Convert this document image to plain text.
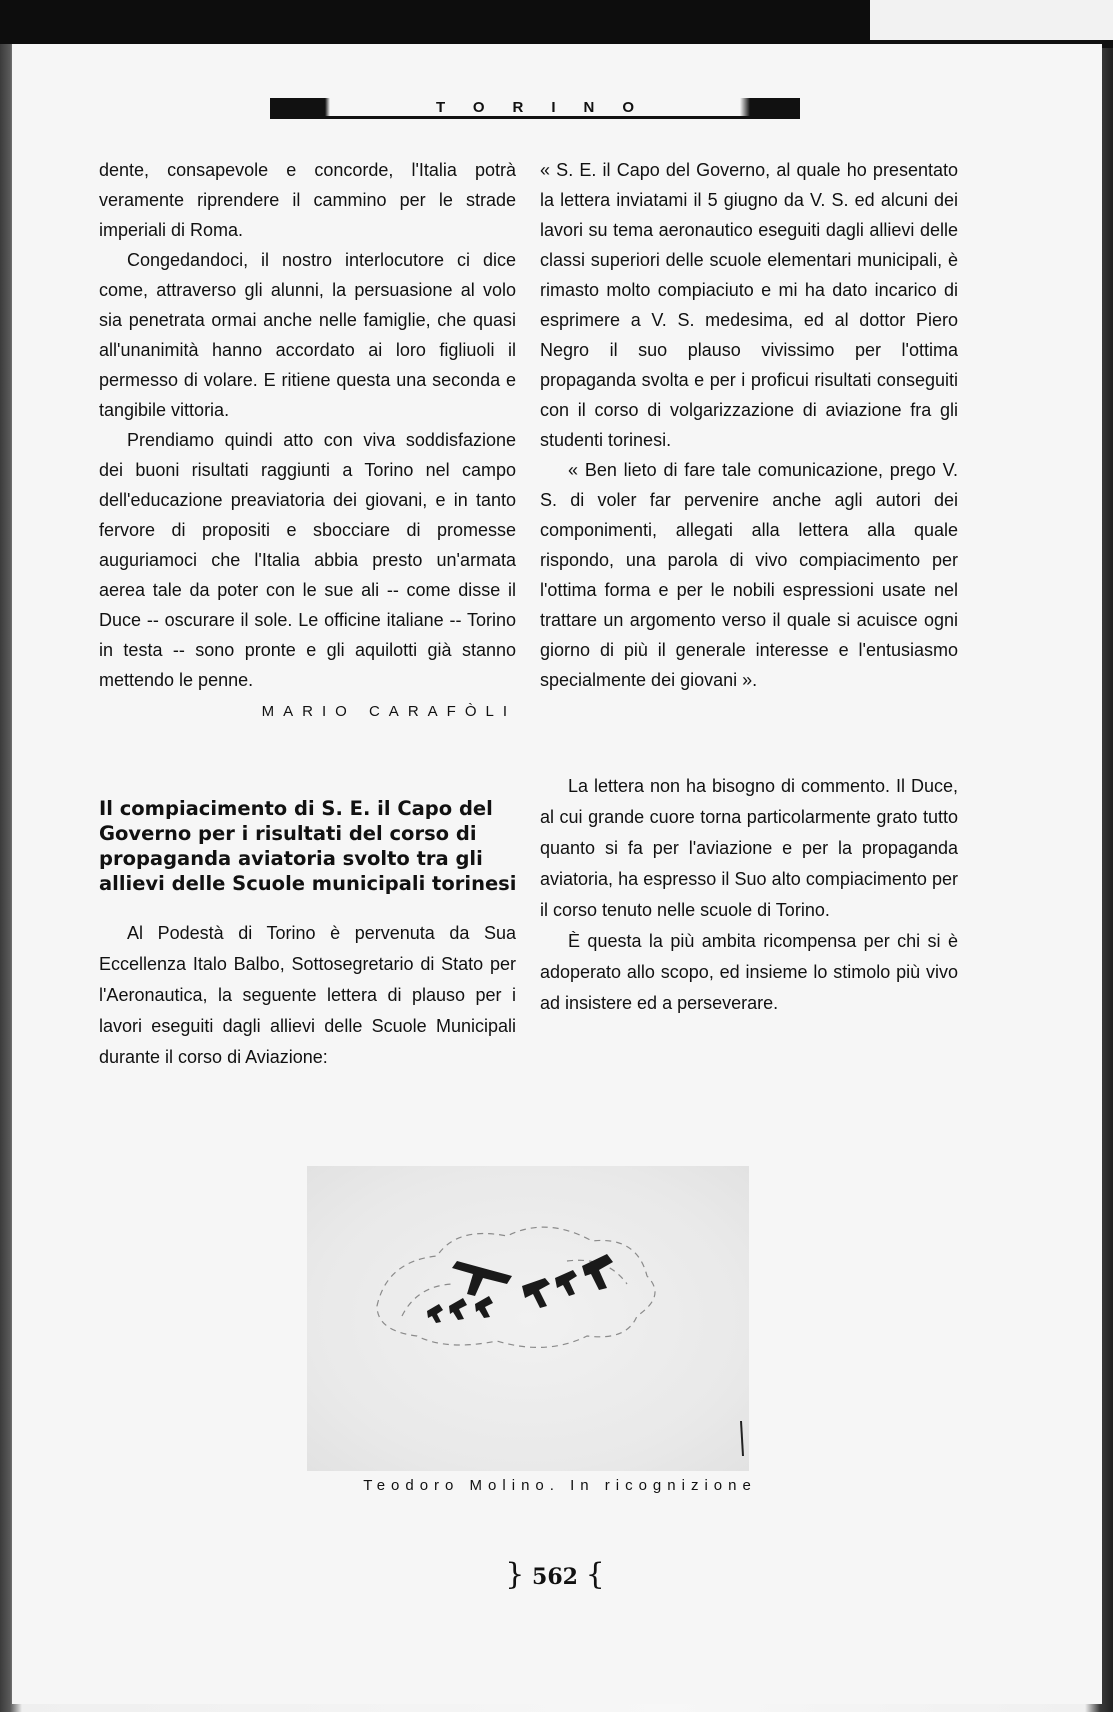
TORINO

dente, consapevole e concorde, l'Italia potrà veramente riprendere il cammino per le strade imperiali di Roma.

Congedandoci, il nostro interlocutore ci dice come, attraverso gli alunni, la persuasione al volo sia penetrata ormai anche nelle famiglie, che quasi all'unanimità hanno accordato ai loro figliuoli il permesso di volare. E ritiene questa una seconda e tangibile vittoria.

Prendiamo quindi atto con viva soddisfazione dei buoni risultati raggiunti a Torino nel campo dell'educazione preaviatoria dei giovani, e in tanto fervore di propositi e sbocciare di promesse auguriamoci che l'Italia abbia presto un'armata aerea tale da poter con le sue ali -- come disse il Duce -- oscurare il sole. Le officine italiane -- Torino in testa -- sono pronte e gli aquilotti già stanno mettendo le penne.

MARIO CARAFÒLI

« S. E. il Capo del Governo, al quale ho presentato la lettera inviatami il 5 giugno da V. S. ed alcuni dei lavori su tema aeronautico eseguiti dagli allievi delle classi superiori delle scuole elementari municipali, è rimasto molto compiaciuto e mi ha dato incarico di esprimere a V. S. medesima, ed al dottor Piero Negro il suo plauso vivissimo per l'ottima propaganda svolta e per i proficui risultati conseguiti con il corso di volgarizzazione di aviazione fra gli studenti torinesi.

« Ben lieto di fare tale comunicazione, prego V. S. di voler far pervenire anche agli autori dei componimenti, allegati alla lettera alla quale rispondo, una parola di vivo compiacimento per l'ottima forma e per le nobili espressioni usate nel trattare un argomento verso il quale si acuisce ogni giorno di più il generale interesse e l'entusiasmo specialmente dei giovani ».

Il compiacimento di S. E. il Capo del Governo per i risultati del corso di propaganda aviatoria svolto tra gli allievi delle Scuole municipali torinesi

Al Podestà di Torino è pervenuta da Sua Eccellenza Italo Balbo, Sottosegretario di Stato per l'Aeronautica, la seguente lettera di plauso per i lavori eseguiti dagli allievi delle Scuole Municipali durante il corso di Aviazione:

La lettera non ha bisogno di commento. Il Duce, al cui grande cuore torna particolarmente grato tutto quanto si fa per l'aviazione e per la propaganda aviatoria, ha espresso il Suo alto compiacimento per il corso tenuto nelle scuole di Torino.

È questa la più ambita ricompensa per chi si è adoperato allo scopo, ed insieme lo stimolo più vivo ad insistere ed a perseverare.

Teodoro Molino. In ricognizione
} 562 {
